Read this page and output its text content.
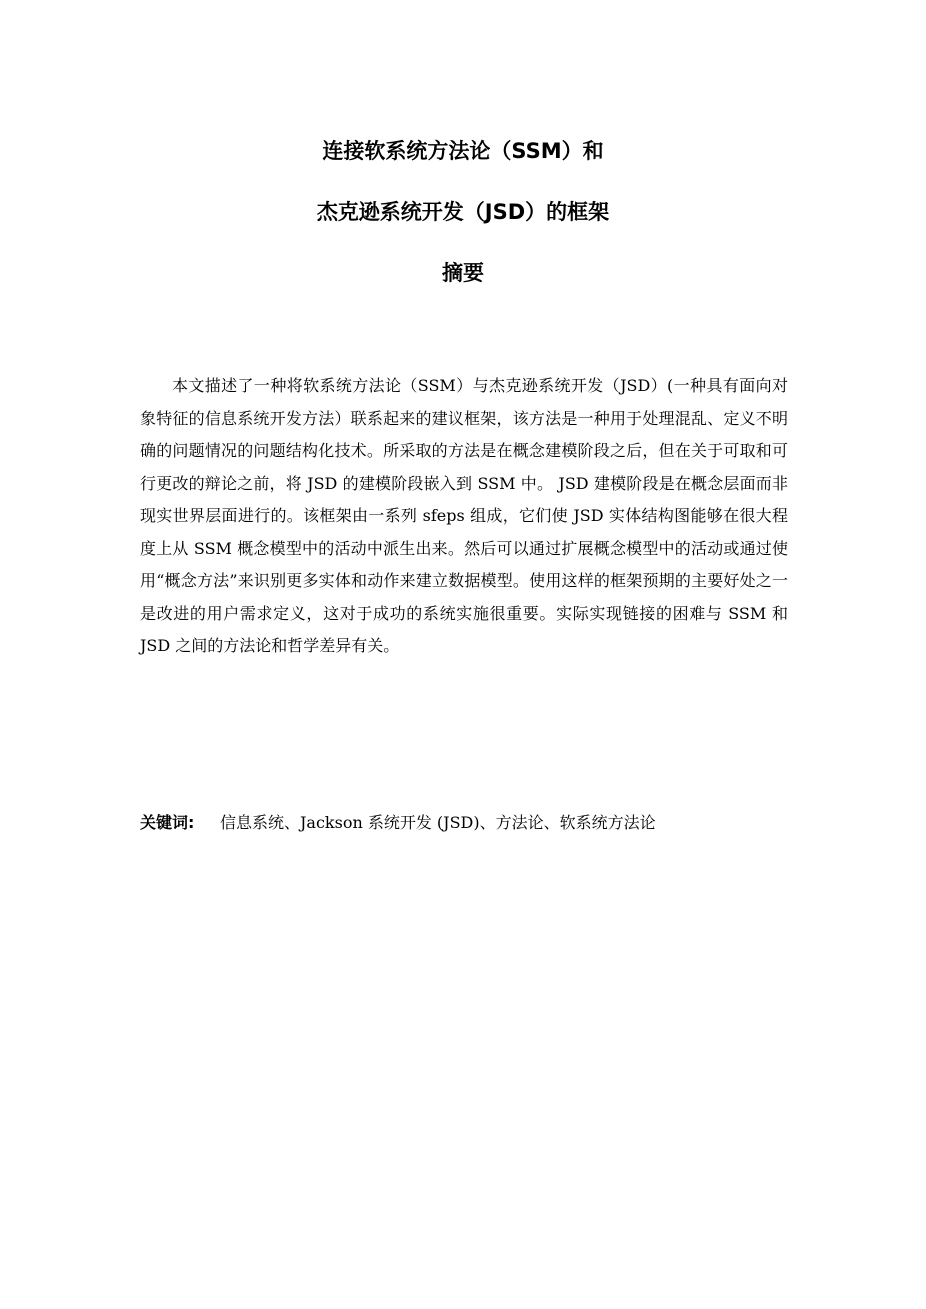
连接软系统方法论（SSM）和
杰克逊系统开发（JSD）的框架
摘要

本文描述了一种将软系统方法论（SSM）与杰克逊系统开发（JSD）(一种具有面向对象特征的信息系统开发方法）联系起来的建议框架，该方法是一种用于处理混乱、定义不明确的问题情况的问题结构化技术。所采取的方法是在概念建模阶段之后，但在关于可取和可行更改的辩论之前，将 JSD 的建模阶段嵌入到 SSM 中。 JSD 建模阶段是在概念层面而非现实世界层面进行的。该框架由一系列 sfeps 组成，它们使 JSD 实体结构图能够在很大程度上从 SSM 概念模型中的活动中派生出来。然后可以通过扩展概念模型中的活动或通过使用“概念方法”来识别更多实体和动作来建立数据模型。使用这样的框架预期的主要好处之一是改进的用户需求定义，这对于成功的系统实施很重要。实际实现链接的困难与 SSM 和 JSD 之间的方法论和哲学差异有关。

关键词: 信息系统、Jackson 系统开发 (JSD)、方法论、软系统方法论
